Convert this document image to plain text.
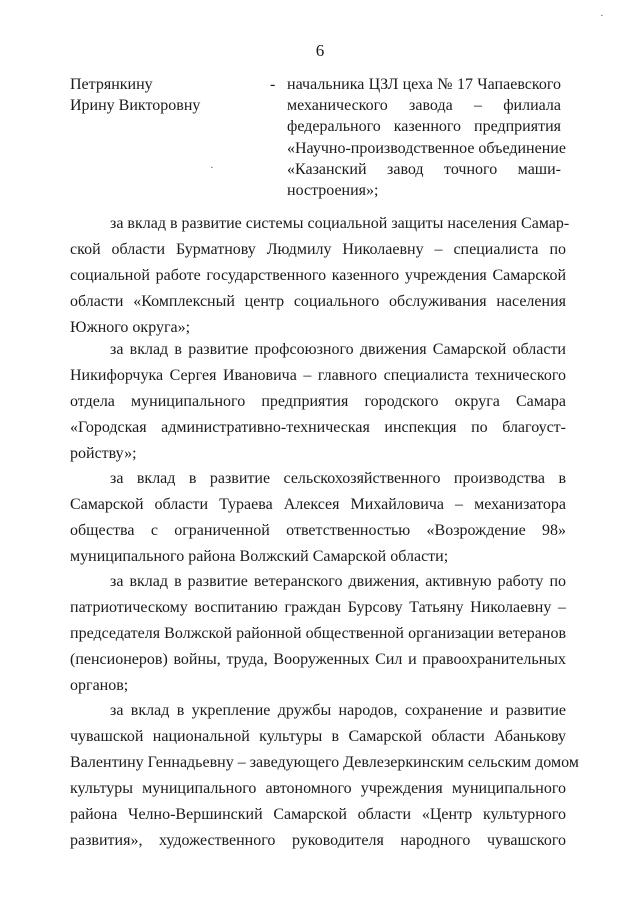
·
·
6
Петрянкину
Ирину Викторовну
- начальника ЦЗЛ цеха № 17 Чапаевского
механического завода – филиала
федерального казенного предприятия
«Научно-производственное объединение
«Казанский завод точного маши-
ностроения»;
за вклад в развитие системы социальной защиты населения Самар-
ской области Бурматнову Людмилу Николаевну – специалиста по
социальной работе государственного казенного учреждения Самарской
области «Комплексный центр социального обслуживания населения
Южного округа»;
за вклад в развитие профсоюзного движения Самарской области
Никифорчука Сергея Ивановича – главного специалиста технического
отдела муниципального предприятия городского округа Самара
«Городская административно-техническая инспекция по благоуст-
ройству»;
за вклад в развитие сельскохозяйственного производства в
Самарской области Тураева Алексея Михайловича – механизатора
общества с ограниченной ответственностью «Возрождение 98»
муниципального района Волжский Самарской области;
за вклад в развитие ветеранского движения, активную работу по
патриотическому воспитанию граждан Бурсову Татьяну Николаевну –
председателя Волжской районной общественной организации ветеранов
(пенсионеров) войны, труда, Вооруженных Сил и правоохранительных
органов;
за вклад в укрепление дружбы народов, сохранение и развитие
чувашской национальной культуры в Самарской области Абанькову
Валентину Геннадьевну – заведующего Девлезеркинским сельским домом
культуры муниципального автономного учреждения муниципального
района Челно-Вершинский Самарской области «Центр культурного
развития», художественного руководителя народного чувашского
